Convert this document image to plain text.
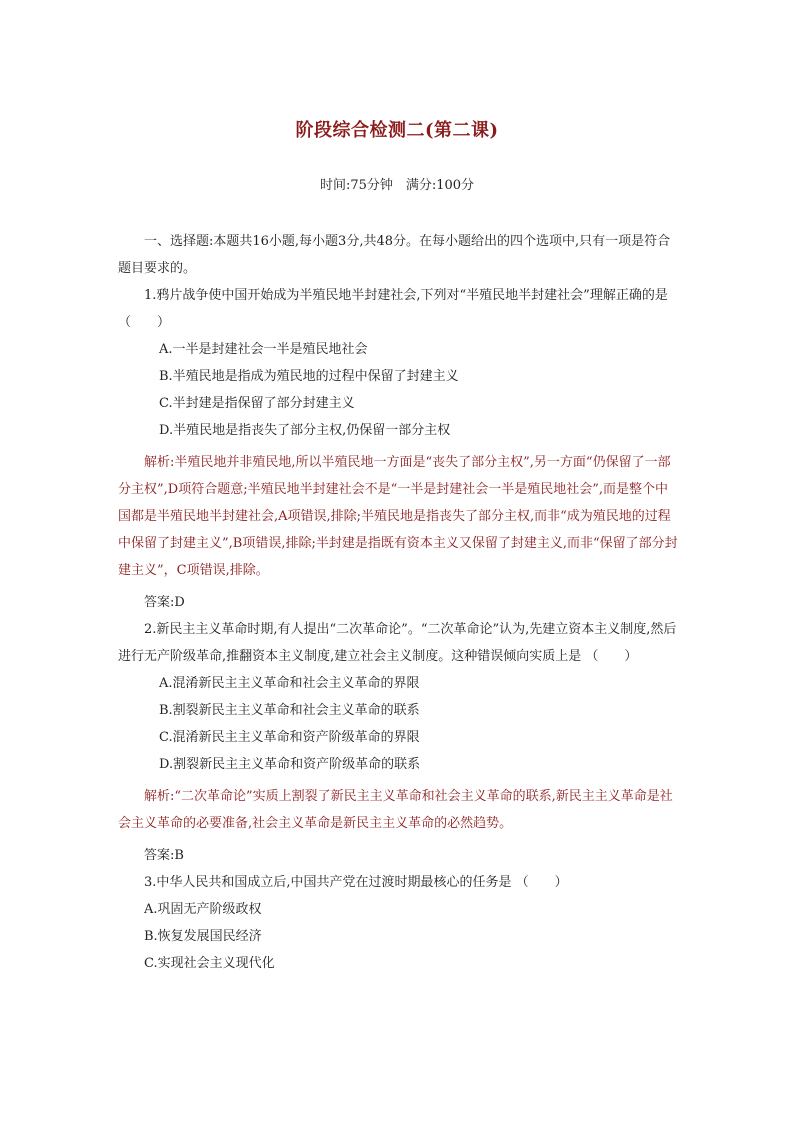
阶段综合检测二(第二课)
时间:75分钟　满分:100分

一、选择题:本题共16小题,每小题3分,共48分。在每小题给出的四个选项中,只有一项是符合题目要求的。

1.鸦片战争使中国开始成为半殖民地半封建社会,下列对“半殖民地半封建社会”理解正确的是 （　　）

A.一半是封建社会一半是殖民地社会

B.半殖民地是指成为殖民地的过程中保留了封建主义

C.半封建是指保留了部分封建主义

D.半殖民地是指丧失了部分主权,仍保留一部分主权

解析:半殖民地并非殖民地,所以半殖民地一方面是“丧失了部分主权”,另一方面“仍保留了一部分主权”,D项符合题意;半殖民地半封建社会不是“一半是封建社会一半是殖民地社会”,而是整个中国都是半殖民地半封建社会,A项错误,排除;半殖民地是指丧失了部分主权,而非“成为殖民地的过程中保留了封建主义”,B项错误,排除;半封建是指既有资本主义又保留了封建主义,而非“保留了部分封建主义”，C项错误,排除。

答案:D

2.新民主主义革命时期,有人提出“二次革命论”。“二次革命论”认为,先建立资本主义制度,然后进行无产阶级革命,推翻资本主义制度,建立社会主义制度。这种错误倾向实质上是 （　　）

A.混淆新民主主义革命和社会主义革命的界限

B.割裂新民主主义革命和社会主义革命的联系

C.混淆新民主主义革命和资产阶级革命的界限

D.割裂新民主主义革命和资产阶级革命的联系

解析:“二次革命论”实质上割裂了新民主主义革命和社会主义革命的联系,新民主主义革命是社会主义革命的必要准备,社会主义革命是新民主主义革命的必然趋势。

答案:B

3.中华人民共和国成立后,中国共产党在过渡时期最核心的任务是 （　　）

A.巩固无产阶级政权

B.恢复发展国民经济

C.实现社会主义现代化
